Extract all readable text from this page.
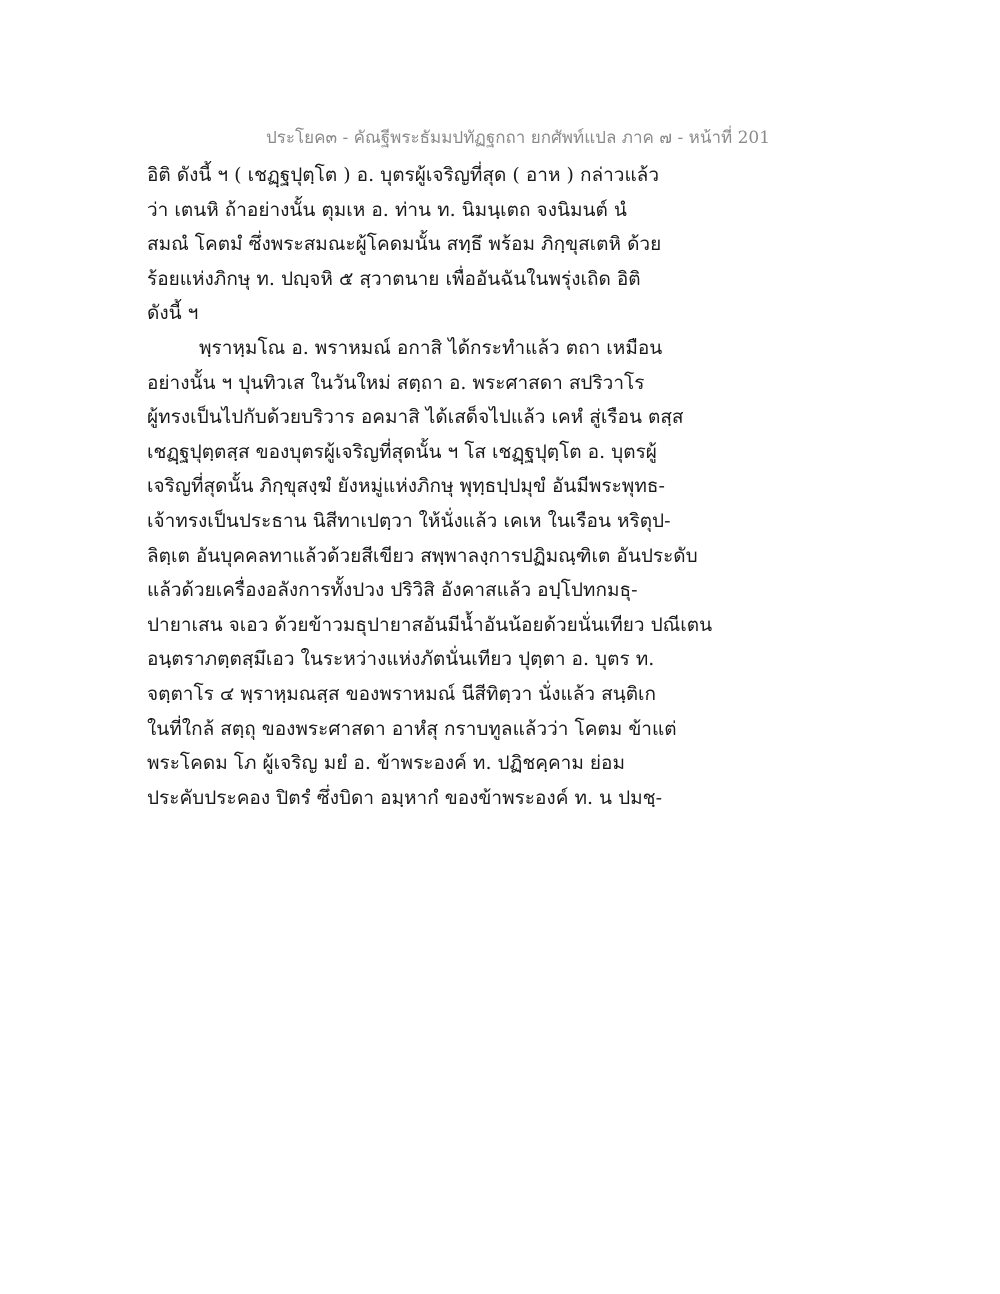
ประโยค๓ - คัณฐีพระธัมมปทัฏฐกถา ยกศัพท์แปล ภาค ๗ - หน้าที่ 201
อิติ ดังนี้ ฯ ( เชฏฺฐปุตฺโต ) อ. บุตรผู้เจริญที่สุด ( อาห ) กล่าวแล้ว
ว่า เตนหิ ถ้าอย่างนั้น ตุมเห อ. ท่าน ท. นิมนฺเตถ จงนิมนต์ นํ
สมณํ โคตมํ ซึ่งพระสมณะผู้โคดมนั้น สทฺธึ พร้อม ภิกฺขุสเตหิ ด้วย
ร้อยแห่งภิกษุ ท. ปญฺจหิ ๕ สฺวาตนาย เพื่ออันฉันในพรุ่งเถิด อิติ
ดังนี้ ฯ
พฺราหฺมโณ อ. พราหมณ์ อกาสิ ได้กระทำแล้ว ตถา เหมือน
อย่างนั้น ฯ ปุนทิวเส ในวันใหม่ สตฺถา อ. พระศาสดา สปริวาโร
ผู้ทรงเป็นไปกับด้วยบริวาร อคมาสิ ได้เสด็จไปแล้ว เคหํ สู่เรือน ตสฺส
เชฏฺฐปุตฺตสฺส ของบุตรผู้เจริญที่สุดนั้น ฯ โส เชฏฺฐปุตฺโต อ. บุตรผู้
เจริญที่สุดนั้น ภิกฺขุสงฺฆํ ยังหมู่แห่งภิกษุ พุทฺธปฺปมุขํ อันมีพระพุทธ-
เจ้าทรงเป็นประธาน นิสีทาเปตฺวา ให้นั่งแล้ว เคเห ในเรือน หริตุป-
ลิตฺเต อันบุคคลทาแล้วด้วยสีเขียว สพฺพาลงฺการปฏิมณฺฑิเต อันประดับ
แล้วด้วยเครื่องอลังการทั้งปวง ปริวิสิ อังคาสแล้ว อปฺโปทกมธุ-
ปายาเสน จเอว ด้วยข้าวมธุปายาสอันมีน้ำอันน้อยด้วยนั่นเทียว ปณีเตน
อนฺตราภตฺตสฺมึเอว ในระหว่างแห่งภัตนั่นเทียว ปุตฺตา อ. บุตร ท.
จตฺตาโร ๔ พฺราหฺมณสฺส ของพราหมณ์ นีสีทิตฺวา นั่งแล้ว สนฺติเก
ในที่ใกล้ สตฺถุ ของพระศาสดา อาหํสุ กราบทูลแล้วว่า โคตม ข้าแต่
พระโคดม โภ ผู้เจริญ มยํ อ. ข้าพระองค์ ท. ปฏิชคฺคาม ย่อม
ประคับประคอง ปิตรํ ซึ่งบิดา อมฺหากํ ของข้าพระองค์ ท. น ปมชฺ-
